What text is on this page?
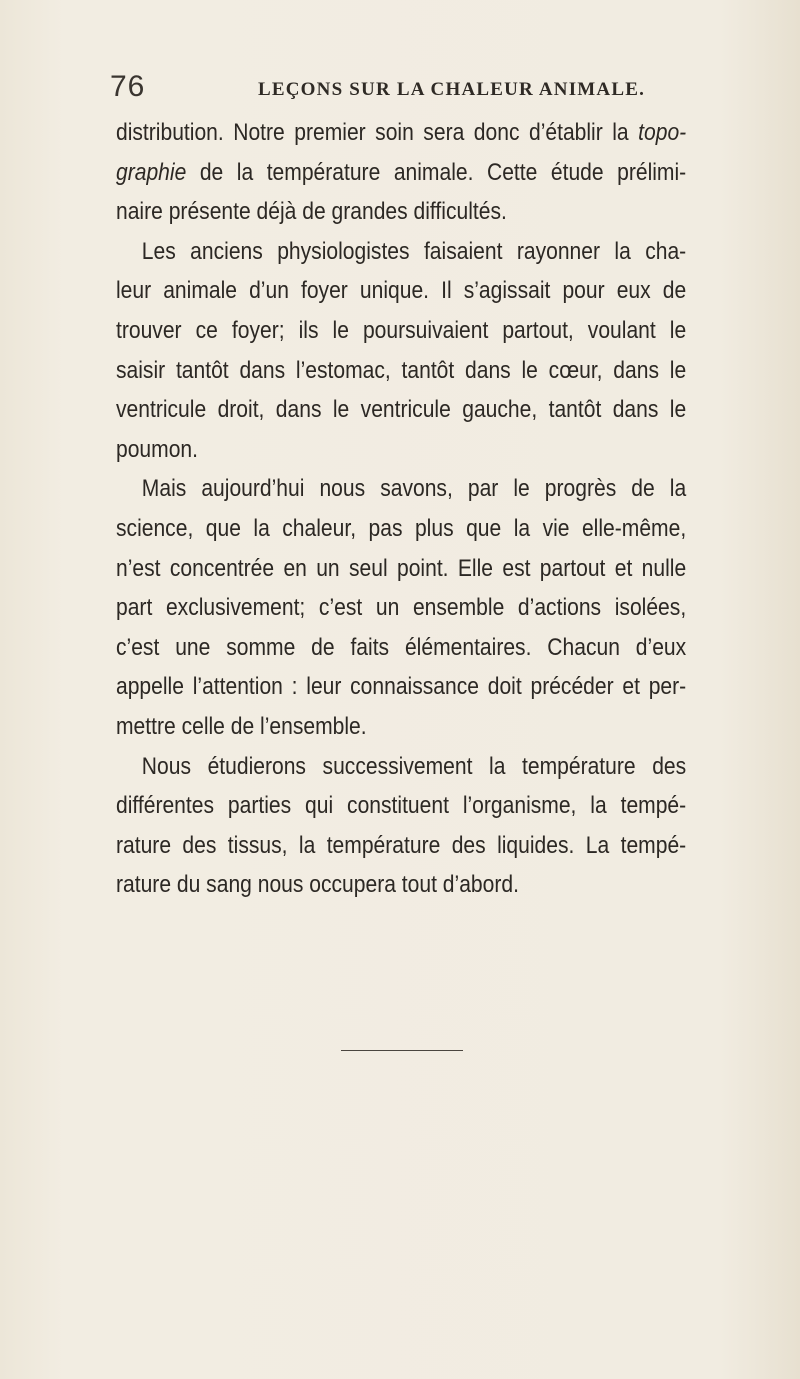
76	LEÇONS SUR LA CHALEUR ANIMALE.
distribution. Notre premier soin sera donc d’établir la topo-
graphie de la température animale. Cette étude prélimi-
naire présente déjà de grandes difficultés.
Les anciens physiologistes faisaient rayonner la cha-
leur animale d’un foyer unique. Il s’agissait pour eux de
trouver ce foyer; ils le poursuivaient partout, voulant le
saisir tantôt dans l’estomac, tantôt dans le cœur, dans le
ventricule droit, dans le ventricule gauche, tantôt dans le
poumon.
Mais aujourd’hui nous savons, par le progrès de la
science, que la chaleur, pas plus que la vie elle-même,
n’est concentrée en un seul point. Elle est partout et nulle
part exclusivement; c’est un ensemble d’actions isolées,
c’est une somme de faits élémentaires. Chacun d’eux
appelle l’attention : leur connaissance doit précéder et per-
mettre celle de l’ensemble.
Nous étudierons successivement la température des
différentes parties qui constituent l’organisme, la tempé-
rature des tissus, la température des liquides. La tempé-
rature du sang nous occupera tout d’abord.
